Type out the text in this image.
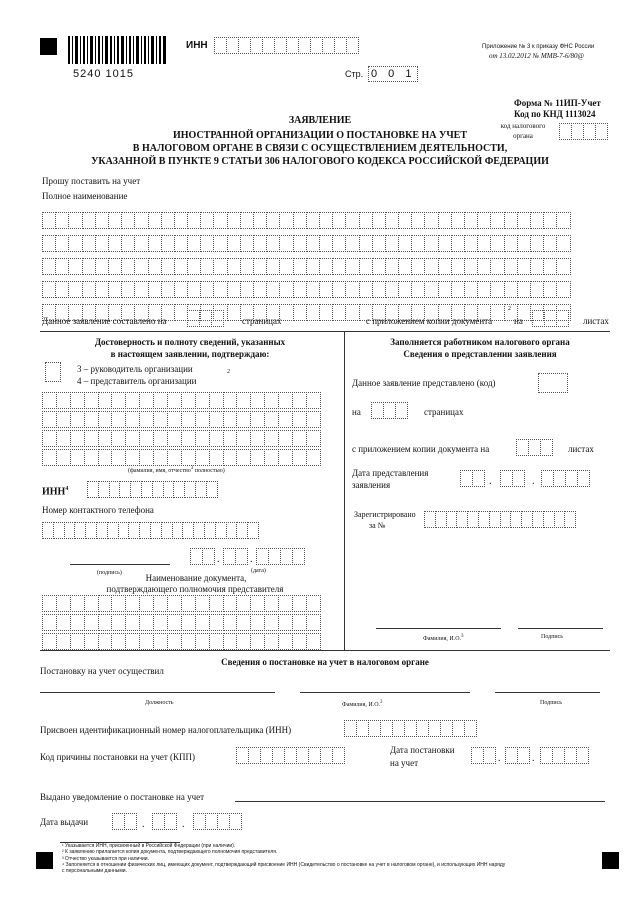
5240 1015
ИНН
Стр. 0 0 1
Приложение № 3 к приказу ФНС России
от 13.02.2012 № ММВ-7-6/80@
Форма № 11ИП-Учет
Код по КНД 1113024
код налогового органа
ЗАЯВЛЕНИЕ
ИНОСТРАННОЙ ОРГАНИЗАЦИИ О ПОСТАНОВКЕ НА УЧЕТ
В НАЛОГОВОМ ОРГАНЕ В СВЯЗИ С ОСУЩЕСТВЛЕНИЕМ ДЕЯТЕЛЬНОСТИ,
УКАЗАННОЙ В ПУНКТЕ 9 СТАТЬИ 306 НАЛОГОВОГО КОДЕКСА РОССИЙСКОЙ ФЕДЕРАЦИИ
Прошу поставить на учет
Полное наименование
Данное заявление составлено на	страницах	с приложением копии документа
2
на	листах
Достоверность и полноту сведений, указанных
в настоящем заявлении, подтверждаю:
3 – руководитель организации	2
4 – представитель организации
(фамилия, имя, отчество$^3$ полностью)
ИНН$^4$
Номер контактного телефона
.	.
(подпись)	(дата)
Наименование документа,
подтверждающего полномочия представителя
Заполняется работником налогового органа
Сведения о представлении заявления
Данное заявление представлено (код)
на	страницах
с приложением копии документа на	листах
Дата представления
заявления	.	.
Зарегистрировано
за №
Фамилия, И.О.$^3$	Подпись
Сведения о постановке на учет в налоговом органе
Постановку на учет осуществил
Должность	Фамилия, И.О.$^3$	Подпись
Присвоен идентификационный номер налогоплательщика (ИНН)
Код причины постановки на учет (КПП)
Дата постановки
на учет	.	.
Выдано уведомление о постановке на учет
Дата выдачи	.	.
¹ Указывается ИНН, присвоенный в Российской Федерации (при наличии).
² К заявлению прилагается копия документа, подтверждающего полномочия представителя.
³ Отчество указывается при наличии.
⁴ Заполняется в отношении физических лиц, имеющих документ, подтверждающий присвоение ИНН (Свидетельство о постановке на учет в налоговом органе), и использующих ИНН наряду
с персональными данными.
